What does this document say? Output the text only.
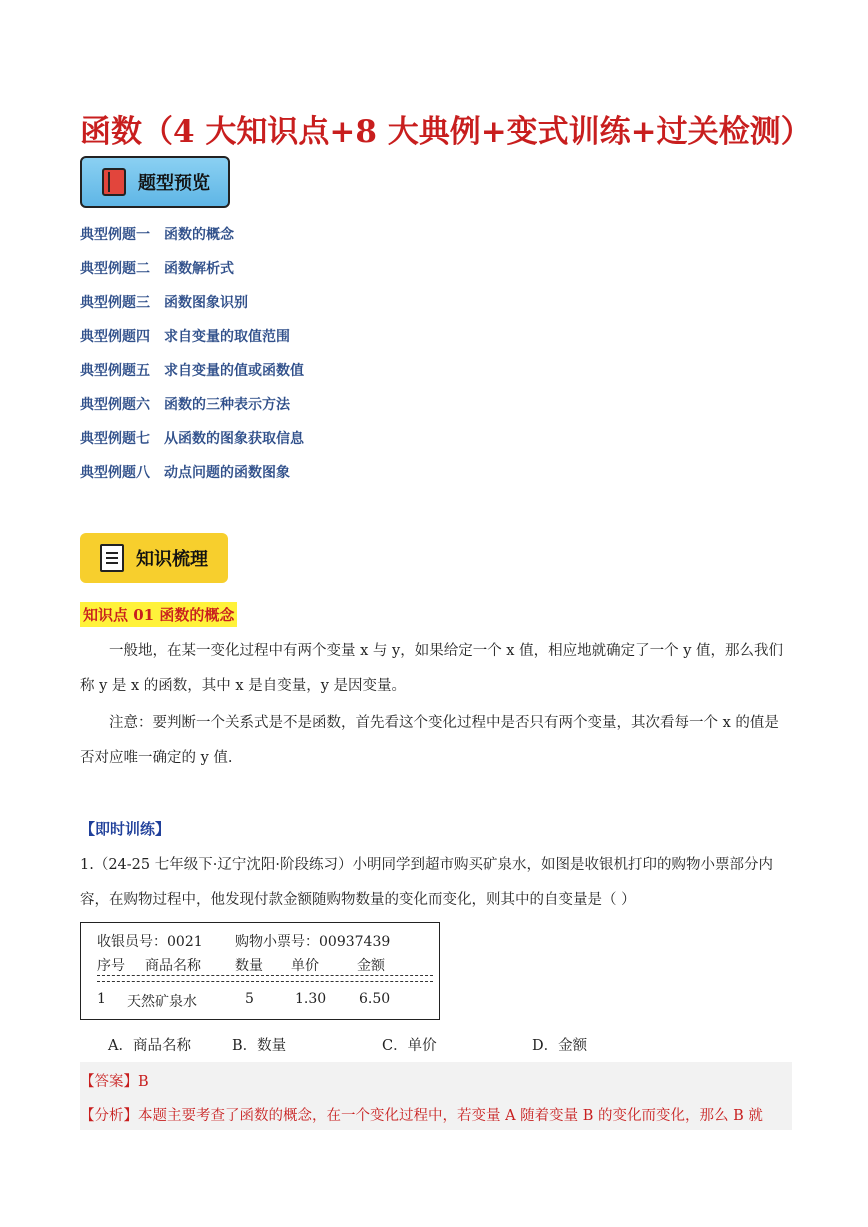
函数（4 大知识点+8 大典例+变式训练+过关检测）
题型预览
典型例题一 函数的概念
典型例题二 函数解析式
典型例题三 函数图象识别
典型例题四 求自变量的取值范围
典型例题五 求自变量的值或函数值
典型例题六 函数的三种表示方法
典型例题七 从函数的图象获取信息
典型例题八 动点问题的函数图象
知识梳理
知识点 01 函数的概念
一般地，在某一变化过程中有两个变量 x 与 y，如果给定一个 x 值，相应地就确定了一个 y 值，那么我们称 y 是 x 的函数，其中 x 是自变量，y 是因变量。
注意：要判断一个关系式是不是函数，首先看这个变化过程中是否只有两个变量，其次看每一个 x 的值是否对应唯一确定的 y 值.
【即时训练】
1.（24-25 七年级下·辽宁沈阳·阶段练习）小明同学到超市购买矿泉水，如图是收银机打印的购物小票部分内容，在购物过程中，他发现付款金额随购物数量的变化而变化，则其中的自变量是（ ）
收银员号：0021 购物小票号：00937439
序号 商品名称 数量 单价	金额
1 天然矿泉水	5	1.30 6.50
A．商品名称	B．数量	C．单价	D．金额
【答案】B
【分析】本题主要考查了函数的概念，在一个变化过程中，若变量 A 随着变量 B 的变化而变化，那么 B 就
